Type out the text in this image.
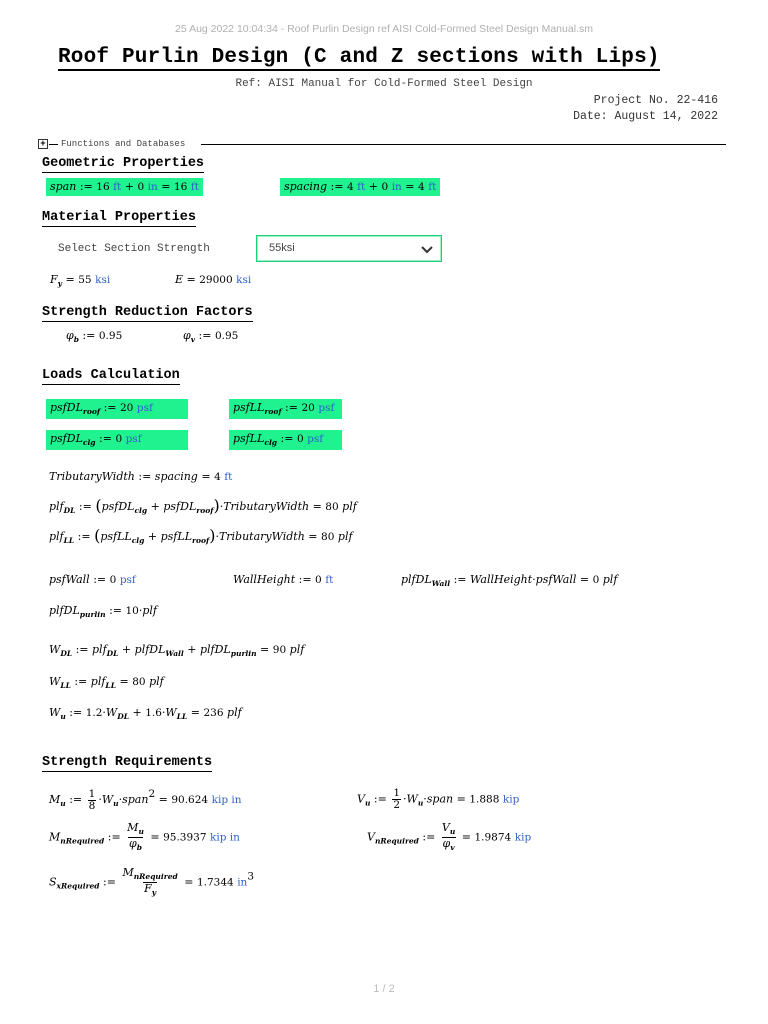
25 Aug 2022 10:04:34 - Roof Purlin Design ref AISI Cold-Formed Steel Design Manual.sm
Roof Purlin Design (C and Z sections with Lips)
Ref: AISI Manual for Cold-Formed Steel Design
Project No. 22-416
Date: August 14, 2022
+ Functions and Databases
Geometric Properties
span := 16 ft + 0 in = 16 ft	spacing := 4 ft + 0 in = 4 ft
Material Properties
Select Section Strength	55ksi
$F_y = 55$ ksi	E = 29000 ksi
Strength Reduction Factors
$\varphi_b$ := 0.95	$\varphi_v$ := 0.95
Loads Calculation
psfDL$_{roof}$ := 20 psf	psfLL$_{roof}$ := 20 psf
psfDL$_{clg}$ := 0 psf	psfLL$_{clg}$ := 0 psf
TributaryWidth := spacing = 4 ft
plf$_{DL}$ := (psfDL$_{clg}$ + psfDL$_{roof}$)·TributaryWidth = 80 plf
plf$_{LL}$ := (psfLL$_{clg}$ + psfLL$_{roof}$)·TributaryWidth = 80 plf
psfWall := 0 psf	WallHeight := 0 ft	plfDL$_{Wall}$ := WallHeight·psfWall = 0 plf
plfDL$_{purlin}$ := 10·plf
$W_{DL}$ := plf$_{DL}$ + plfDL$_{Wall}$ + plfDL$_{purlin}$ = 90 plf
$W_{LL}$ := plf$_{LL}$ = 80 plf
$W_u$ := $1.2\cdot W_{DL} + 1.6\cdot W_{LL} = 236$ plf
Strength Requirements
$M_u$ := $\frac{1}{8}$ $\cdot W_u\cdot span^2 = 90.624$ kip in	$V_u$ := $\frac{1}{2}$ $\cdot W_u\cdot span = 1.888$ kip
$M_{nRequired}$ := $\frac{M_u}{\varphi_b} = 95.3937$ kip in	$V_{nRequired}$ := $\frac{V_u}{\varphi_v} = 1.9874$ kip
$S_{xRequired}$ := $\frac{M_{nRequired}}{F_y} = 1.7344$ $in^3$
1 / 2
